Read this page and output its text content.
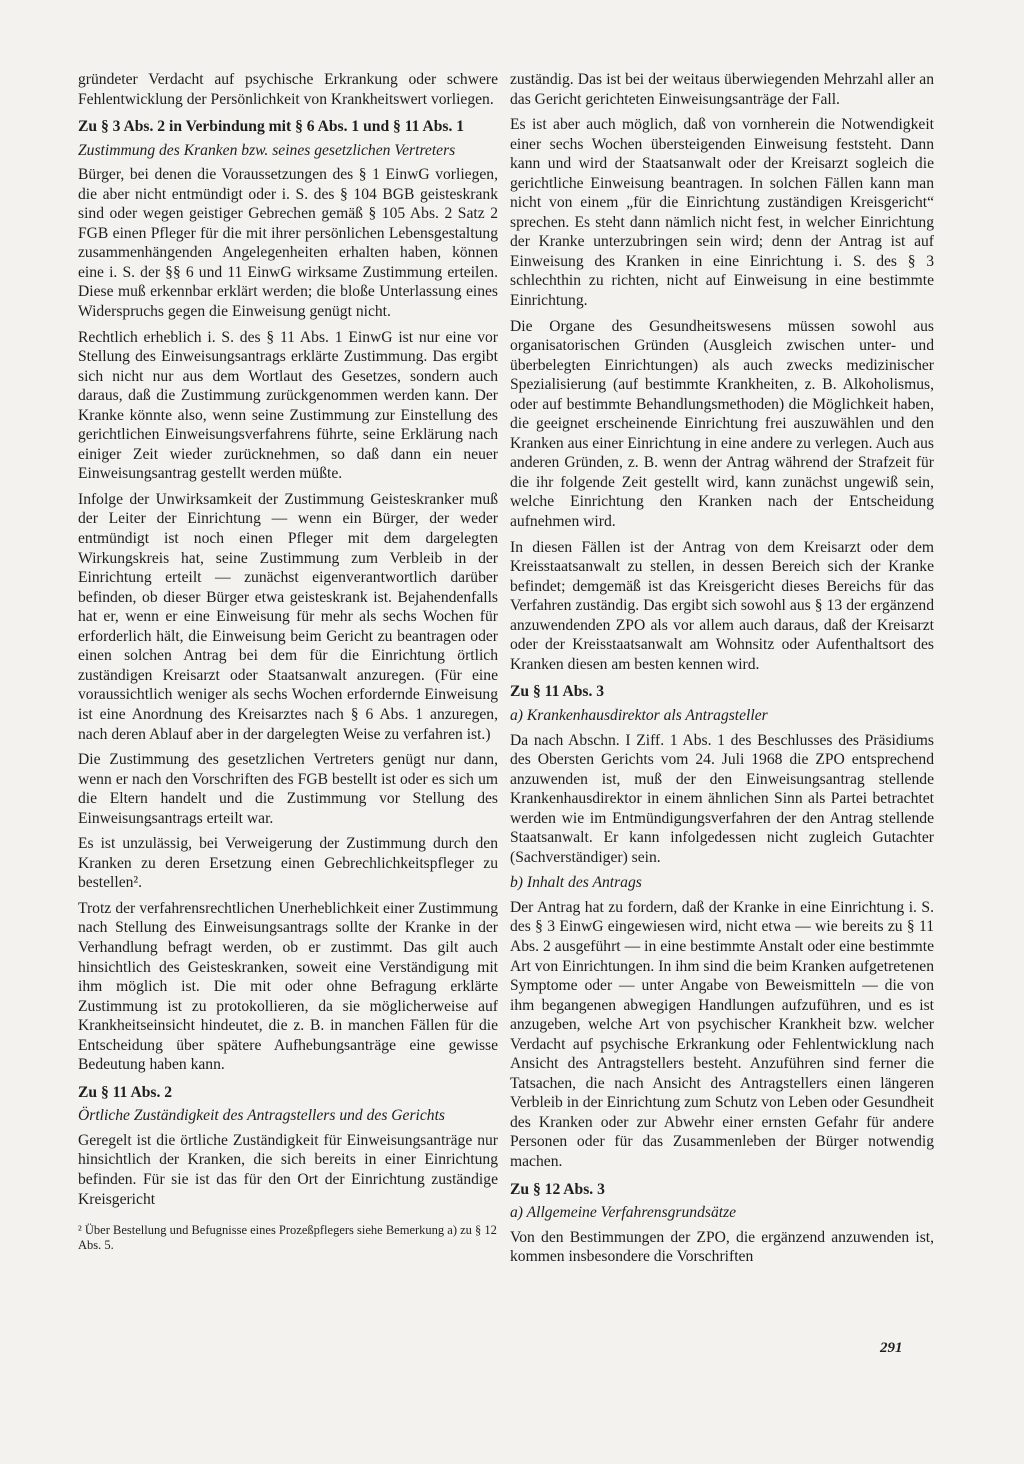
gründeter Verdacht auf psychische Erkrankung oder schwere Fehlentwicklung der Persönlichkeit von Krankheitswert vorliegen.

Zu § 3 Abs. 2 in Verbindung mit § 6 Abs. 1 und § 11 Abs. 1

Zustimmung des Kranken bzw. seines gesetzlichen Vertreters

Bürger, bei denen die Voraussetzungen des § 1 EinwG vorliegen, die aber nicht entmündigt oder i. S. des § 104 BGB geisteskrank sind oder wegen geistiger Gebrechen gemäß § 105 Abs. 2 Satz 2 FGB einen Pfleger für die mit ihrer persönlichen Lebensgestaltung zusammenhängenden Angelegenheiten erhalten haben, können eine i. S. der §§ 6 und 11 EinwG wirksame Zustimmung erteilen. Diese muß erkennbar erklärt werden; die bloße Unterlassung eines Widerspruchs gegen die Einweisung genügt nicht.

Rechtlich erheblich i. S. des § 11 Abs. 1 EinwG ist nur eine vor Stellung des Einweisungsantrags erklärte Zustimmung. Das ergibt sich nicht nur aus dem Wortlaut des Gesetzes, sondern auch daraus, daß die Zustimmung zurückgenommen werden kann. Der Kranke könnte also, wenn seine Zustimmung zur Einstellung des gerichtlichen Einweisungsverfahrens führte, seine Erklärung nach einiger Zeit wieder zurücknehmen, so daß dann ein neuer Einweisungsantrag gestellt werden müßte.

Infolge der Unwirksamkeit der Zustimmung Geisteskranker muß der Leiter der Einrichtung — wenn ein Bürger, der weder entmündigt ist noch einen Pfleger mit dem dargelegten Wirkungskreis hat, seine Zustimmung zum Verbleib in der Einrichtung erteilt — zunächst eigenverantwortlich darüber befinden, ob dieser Bürger etwa geisteskrank ist. Bejahendenfalls hat er, wenn er eine Einweisung für mehr als sechs Wochen für erforderlich hält, die Einweisung beim Gericht zu beantragen oder einen solchen Antrag bei dem für die Einrichtung örtlich zuständigen Kreisarzt oder Staatsanwalt anzuregen. (Für eine voraussichtlich weniger als sechs Wochen erfordernde Einweisung ist eine Anordnung des Kreisarztes nach § 6 Abs. 1 anzuregen, nach deren Ablauf aber in der dargelegten Weise zu verfahren ist.)

Die Zustimmung des gesetzlichen Vertreters genügt nur dann, wenn er nach den Vorschriften des FGB bestellt ist oder es sich um die Eltern handelt und die Zustimmung vor Stellung des Einweisungsantrags erteilt war.

Es ist unzulässig, bei Verweigerung der Zustimmung durch den Kranken zu deren Ersetzung einen Gebrechlichkeitspfleger zu bestellen².

Trotz der verfahrensrechtlichen Unerheblichkeit einer Zustimmung nach Stellung des Einweisungsantrags sollte der Kranke in der Verhandlung befragt werden, ob er zustimmt. Das gilt auch hinsichtlich des Geisteskranken, soweit eine Verständigung mit ihm möglich ist. Die mit oder ohne Befragung erklärte Zustimmung ist zu protokollieren, da sie möglicherweise auf Krankheitseinsicht hindeutet, die z. B. in manchen Fällen für die Entscheidung über spätere Aufhebungsanträge eine gewisse Bedeutung haben kann.

Zu § 11 Abs. 2

Örtliche Zuständigkeit des Antragstellers und des Gerichts

Geregelt ist die örtliche Zuständigkeit für Einweisungsanträge nur hinsichtlich der Kranken, die sich bereits in einer Einrichtung befinden. Für sie ist das für den Ort der Einrichtung zuständige Kreisgericht

² Über Bestellung und Befugnisse eines Prozeßpflegers siehe Bemerkung a) zu § 12 Abs. 5.

zuständig. Das ist bei der weitaus überwiegenden Mehrzahl aller an das Gericht gerichteten Einweisungsanträge der Fall.

Es ist aber auch möglich, daß von vornherein die Notwendigkeit einer sechs Wochen übersteigenden Einweisung feststeht. Dann kann und wird der Staatsanwalt oder der Kreisarzt sogleich die gerichtliche Einweisung beantragen. In solchen Fällen kann man nicht von einem „für die Einrichtung zuständigen Kreisgericht“ sprechen. Es steht dann nämlich nicht fest, in welcher Einrichtung der Kranke unterzubringen sein wird; denn der Antrag ist auf Einweisung des Kranken in eine Einrichtung i. S. des § 3 schlechthin zu richten, nicht auf Einweisung in eine bestimmte Einrichtung.

Die Organe des Gesundheitswesens müssen sowohl aus organisatorischen Gründen (Ausgleich zwischen unter- und überbelegten Einrichtungen) als auch zwecks medizinischer Spezialisierung (auf bestimmte Krankheiten, z. B. Alkoholismus, oder auf bestimmte Behandlungsmethoden) die Möglichkeit haben, die geeignet erscheinende Einrichtung frei auszuwählen und den Kranken aus einer Einrichtung in eine andere zu verlegen. Auch aus anderen Gründen, z. B. wenn der Antrag während der Strafzeit für die ihr folgende Zeit gestellt wird, kann zunächst ungewiß sein, welche Einrichtung den Kranken nach der Entscheidung aufnehmen wird.

In diesen Fällen ist der Antrag von dem Kreisarzt oder dem Kreisstaatsanwalt zu stellen, in dessen Bereich sich der Kranke befindet; demgemäß ist das Kreisgericht dieses Bereichs für das Verfahren zuständig. Das ergibt sich sowohl aus § 13 der ergänzend anzuwendenden ZPO als vor allem auch daraus, daß der Kreisarzt oder der Kreisstaatsanwalt am Wohnsitz oder Aufenthaltsort des Kranken diesen am besten kennen wird.

Zu § 11 Abs. 3

a) Krankenhausdirektor als Antragsteller

Da nach Abschn. I Ziff. 1 Abs. 1 des Beschlusses des Präsidiums des Obersten Gerichts vom 24. Juli 1968 die ZPO entsprechend anzuwenden ist, muß der den Einweisungsantrag stellende Krankenhausdirektor in einem ähnlichen Sinn als Partei betrachtet werden wie im Entmündigungsverfahren der den Antrag stellende Staatsanwalt. Er kann infolgedessen nicht zugleich Gutachter (Sachverständiger) sein.

b) Inhalt des Antrags

Der Antrag hat zu fordern, daß der Kranke in eine Einrichtung i. S. des § 3 EinwG eingewiesen wird, nicht etwa — wie bereits zu § 11 Abs. 2 ausgeführt — in eine bestimmte Anstalt oder eine bestimmte Art von Einrichtungen. In ihm sind die beim Kranken aufgetretenen Symptome oder — unter Angabe von Beweismitteln — die von ihm begangenen abwegigen Handlungen aufzuführen, und es ist anzugeben, welche Art von psychischer Krankheit bzw. welcher Verdacht auf psychische Erkrankung oder Fehlentwicklung nach Ansicht des Antragstellers besteht. Anzuführen sind ferner die Tatsachen, die nach Ansicht des Antragstellers einen längeren Verbleib in der Einrichtung zum Schutz von Leben oder Gesundheit des Kranken oder zur Abwehr einer ernsten Gefahr für andere Personen oder für das Zusammenleben der Bürger notwendig machen.

Zu § 12 Abs. 3

a) Allgemeine Verfahrensgrundsätze

Von den Bestimmungen der ZPO, die ergänzend anzuwenden ist, kommen insbesondere die Vorschriften

291
